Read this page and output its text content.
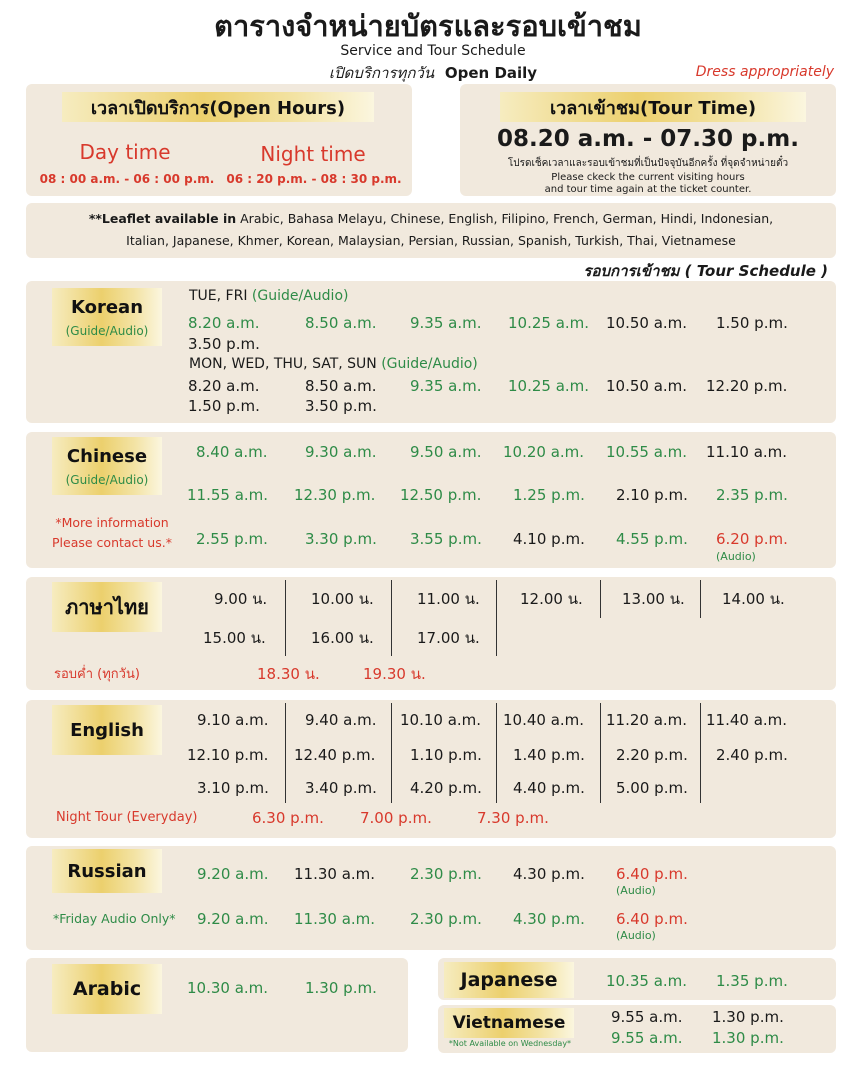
ตารางจำหน่ายบัตรและรอบเข้าชม
Service and Tour Schedule
เปิดบริการทุกวัน Open Daily	Dress appropriately
เวลาเปิดบริการ(Open Hours)
Day time
08 : 00 a.m. - 06 : 00 p.m.
Night time
06 : 20 p.m. - 08 : 30 p.m.
เวลาเข้าชม(Tour Time)
08.20 a.m. - 07.30 p.m.
โปรดเช็คเวลาและรอบเข้าชมที่เป็นปัจจุบันอีกครั้ง ที่จุดจำหน่ายตั๋ว
Please ckeck the current visiting hours
and tour time again at the ticket counter.
**Leaflet available in Arabic, Bahasa Melayu, Chinese, English, Filipino, French, German, Hindi, Indonesian,
Italian, Japanese, Khmer, Korean, Malaysian, Persian, Russian, Spanish, Turkish, Thai, Vietnamese
รอบการเข้าชม ( Tour Schedule )
Korean
(Guide/Audio)
TUE, FRI (Guide/Audio)
8.20 a.m.	8.50 a.m. 9.35 a.m. 10.25 a.m. 10.50 a.m. 1.50 p.m.
3.50 p.m.
MON, WED, THU, SAT, SUN (Guide/Audio)
8.20 a.m.	8.50 a.m. 9.35 a.m. 10.25 a.m. 10.50 a.m. 12.20 p.m.
1.50 p.m.	3.50 p.m.
Chinese
(Guide/Audio)
*More information
Please contact us.*
8.40 a.m. 9.30 a.m. 9.50 a.m. 10.20 a.m. 10.55 a.m. 11.10 a.m.
11.55 a.m. 12.30 p.m. 12.50 p.m. 1.25 p.m. 2.10 p.m. 2.35 p.m.
2.55 p.m. 3.30 p.m. 3.55 p.m. 4.10 p.m. 4.55 p.m. 6.20 p.m.
(Audio)
ภาษาไทย	9.00 น.	10.00 น.	11.00 น.	12.00 น.	13.00 น. 14.00 น.
15.00 น.	16.00 น.	17.00 น.
รอบค่ำ (ทุกวัน)	18.30 น.	19.30 น.
English	9.10 a.m. 9.40 a.m. 10.10 a.m. 10.40 a.m. 11.20 a.m. 11.40 a.m.
12.10 p.m. 12.40 p.m. 1.10 p.m. 1.40 p.m. 2.20 p.m. 2.40 p.m.
3.10 p.m. 3.40 p.m. 4.20 p.m. 4.40 p.m. 5.00 p.m.
Night Tour (Everyday)	6.30 p.m. 7.00 p.m.	7.30 p.m.
Russian	9.20 a.m. 11.30 a.m. 2.30 p.m. 4.30 p.m. 6.40 p.m.
(Audio)
*Friday Audio Only* 9.20 a.m. 11.30 a.m. 2.30 p.m. 4.30 p.m. 6.40 p.m.
(Audio)
Arabic	10.30 a.m. 1.30 p.m.	Japanese	10.35 a.m. 1.35 p.m.
Vietnamese
*Not Available on Wednesday*
9.55 a.m. 1.30 p.m.
9.55 a.m. 1.30 p.m.
